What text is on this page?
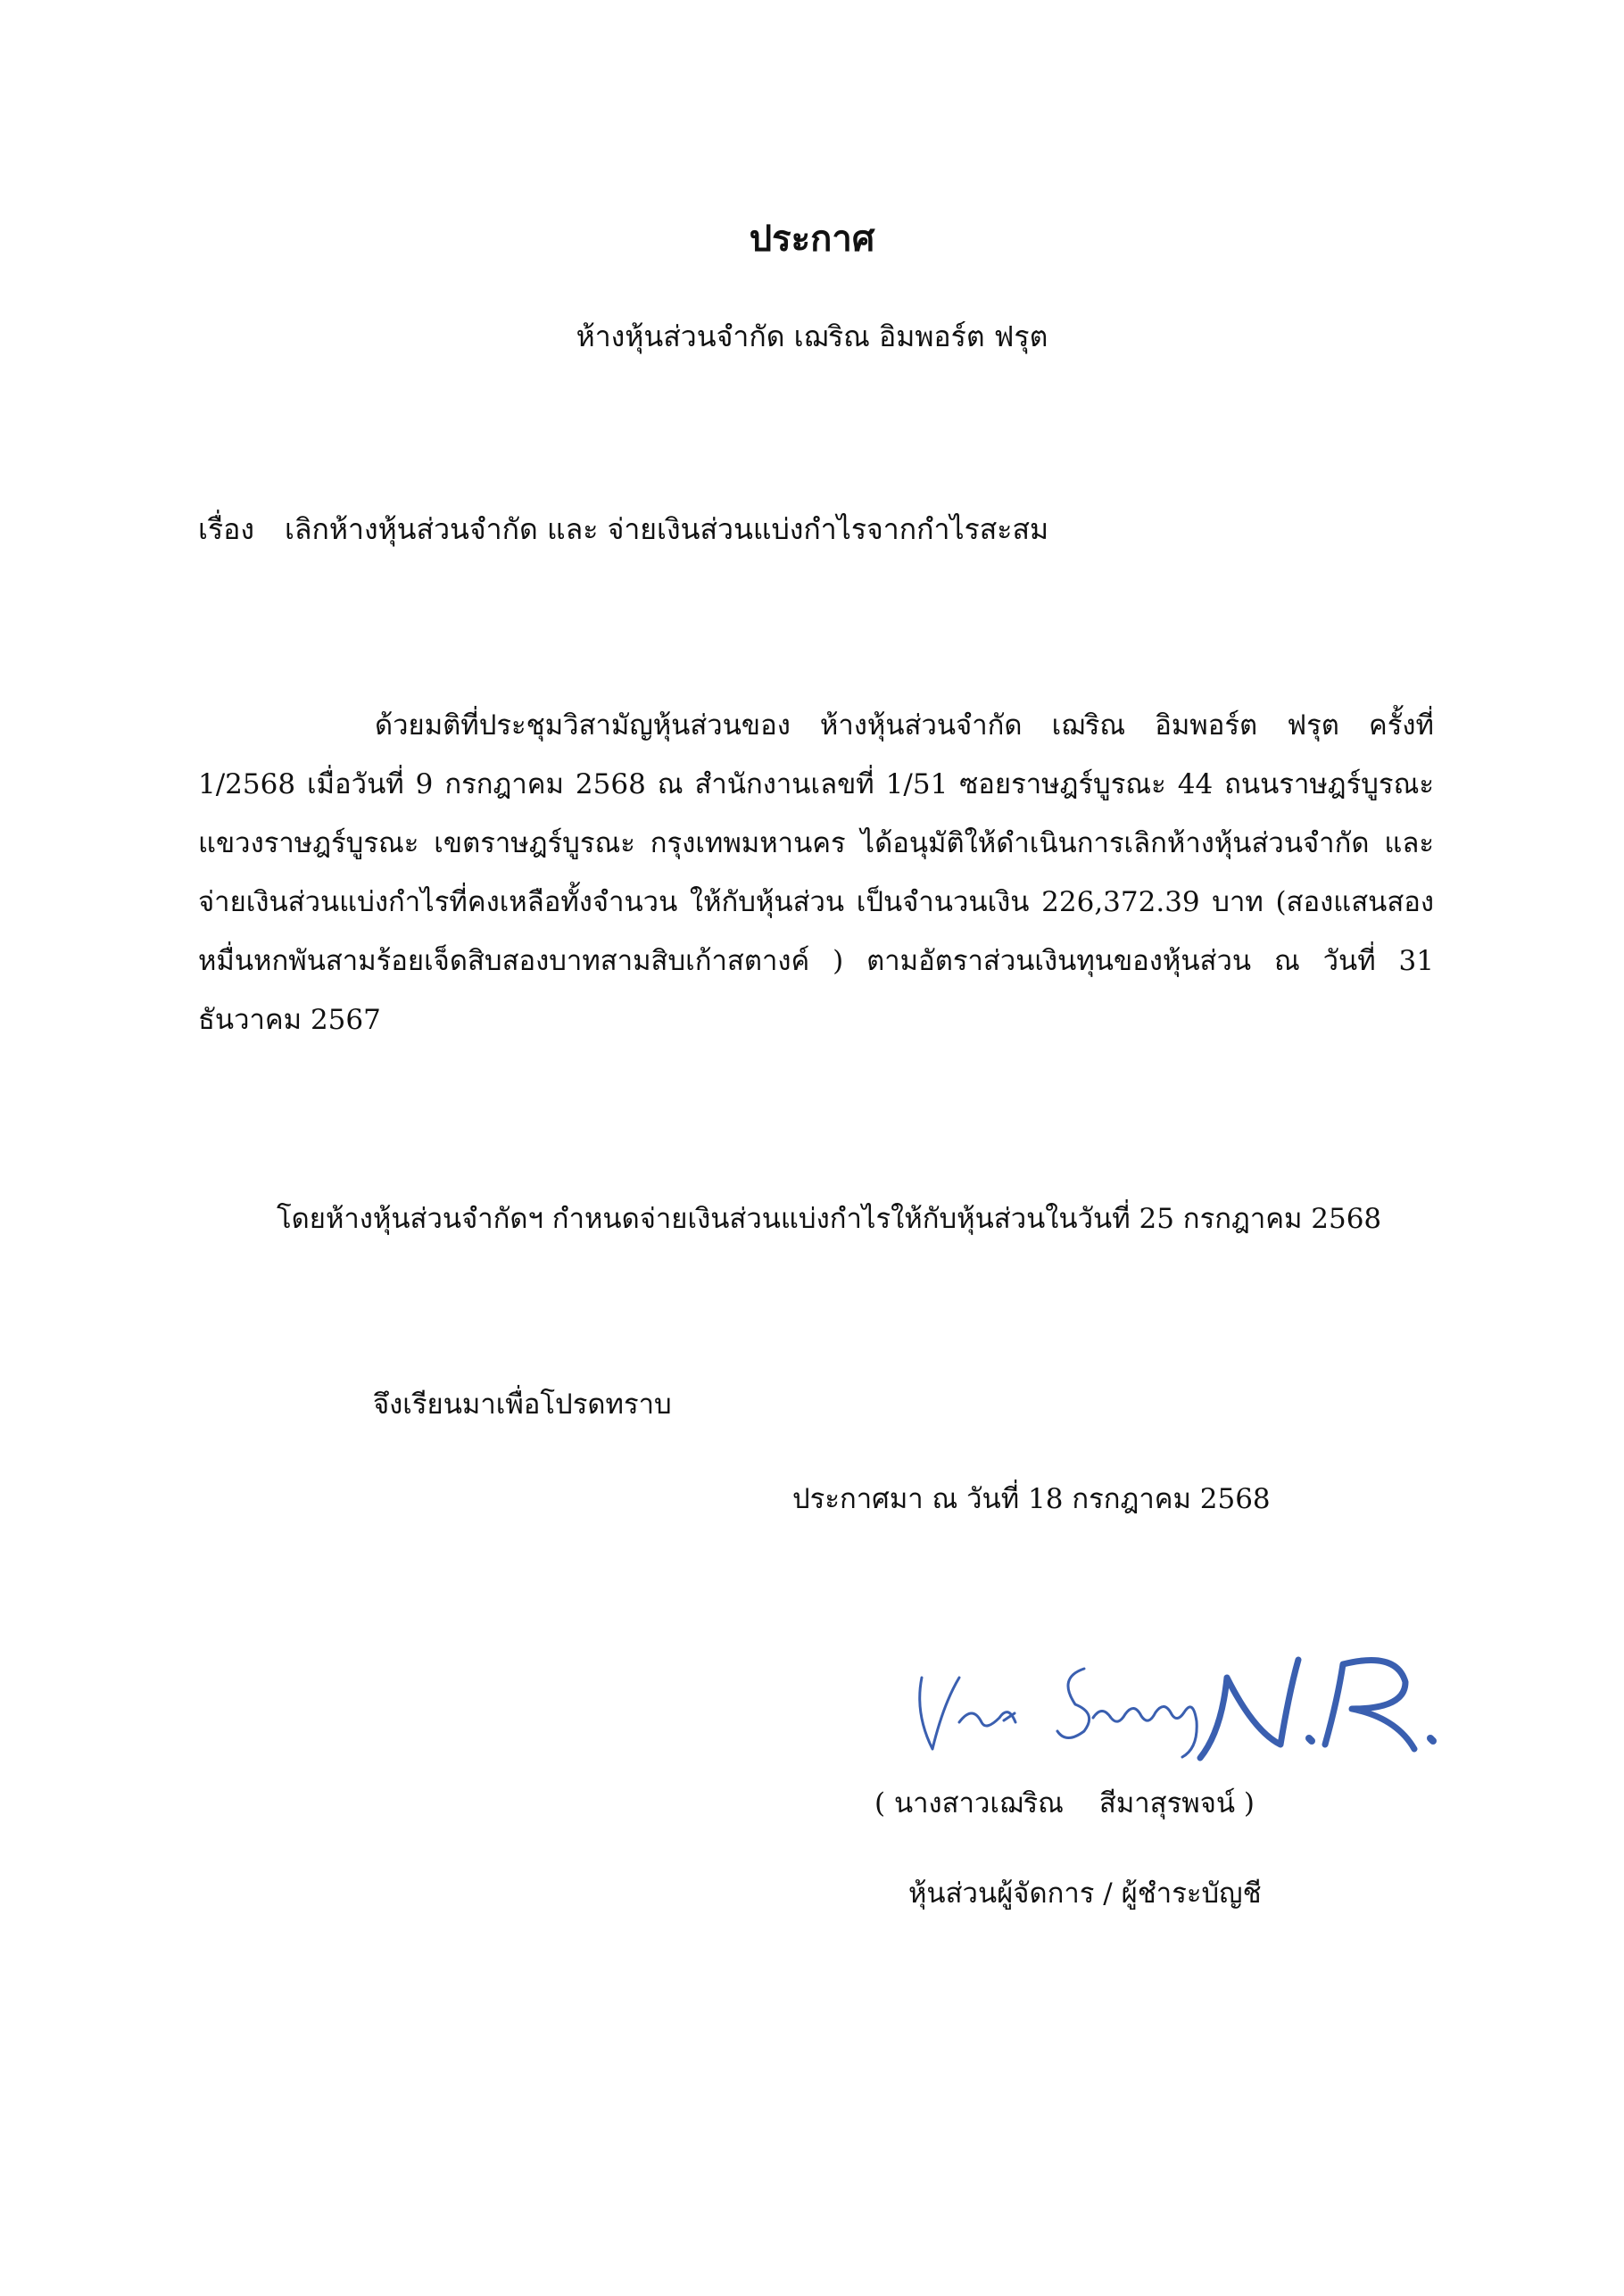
ประกาศ
ห้างหุ้นส่วนจำกัด เฌริณ อิมพอร์ต ฟรุต
เรื่อง เลิกห้างหุ้นส่วนจำกัด และ จ่ายเงินส่วนแบ่งกำไรจากกำไรสะสม
ด้วยมติที่ประชุมวิสามัญหุ้นส่วนของ ห้างหุ้นส่วนจำกัด เฌริณ อิมพอร์ต ฟรุต ครั้งที่
1/2568 เมื่อวันที่ 9 กรกฎาคม 2568 ณ สำนักงานเลขที่ 1/51 ซอยราษฎร์บูรณะ 44 ถนนราษฎร์บูรณะ
แขวงราษฎร์บูรณะ เขตราษฎร์บูรณะ กรุงเทพมหานคร ได้อนุมัติให้ดำเนินการเลิกห้างหุ้นส่วนจำกัด และ
จ่ายเงินส่วนแบ่งกำไรที่คงเหลือทั้งจำนวน ให้กับหุ้นส่วน เป็นจำนวนเงิน 226,372.39 บาท (สองแสนสอง
หมื่นหกพันสามร้อยเจ็ดสิบสองบาทสามสิบเก้าสตางค์ ) ตามอัตราส่วนเงินทุนของหุ้นส่วน ณ วันที่ 31
ธันวาคม 2567
โดยห้างหุ้นส่วนจำกัดฯ กำหนดจ่ายเงินส่วนแบ่งกำไรให้กับหุ้นส่วนในวันที่ 25 กรกฎาคม 2568
จึงเรียนมาเพื่อโปรดทราบ
ประกาศมา ณ วันที่ 18 กรกฎาคม 2568
( นางสาวเฌริณ สีมาสุรพจน์ )
หุ้นส่วนผู้จัดการ / ผู้ชำระบัญชี
